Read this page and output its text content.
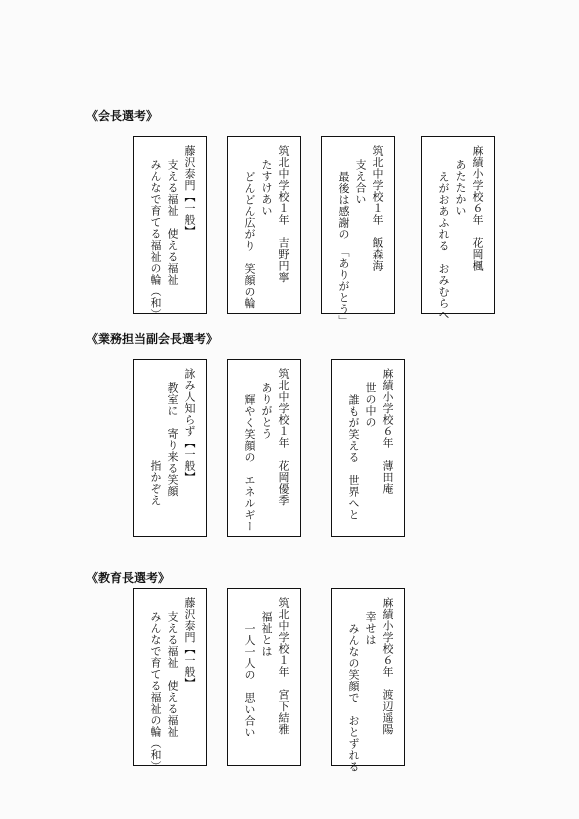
《会長選考》
麻績小学校６年　花岡楓
あたたかい
えがおあふれる　おみむらへ
筑北中学校１年　飯森海
支え合い
最後は感謝の　「ありがとう」
筑北中学校１年　吉野円寧
たすけあい
どんどん広がり　笑顔の輪
藤沢泰門【一般】
支える福祉　使える福祉
みんなで育てる福祉の輪（和）
《業務担当副会長選考》
麻績小学校６年　薄田庵
世の中の
誰もが笑える　世界へと
筑北中学校１年　花岡優季
ありがとう
輝やく笑顔の　エネルギー
詠み人知らず【一般】
教室に　寄り来る笑顔
指かぞえ
《教育長選考》
麻績小学校６年　渡辺遥陽
幸せは
みんなの笑顔で　おとずれる
筑北中学校１年　宮下結雅
福祉とは
一人一人の　思い合い
藤沢泰門【一般】
支える福祉　使える福祉
みんなで育てる福祉の輪（和）
